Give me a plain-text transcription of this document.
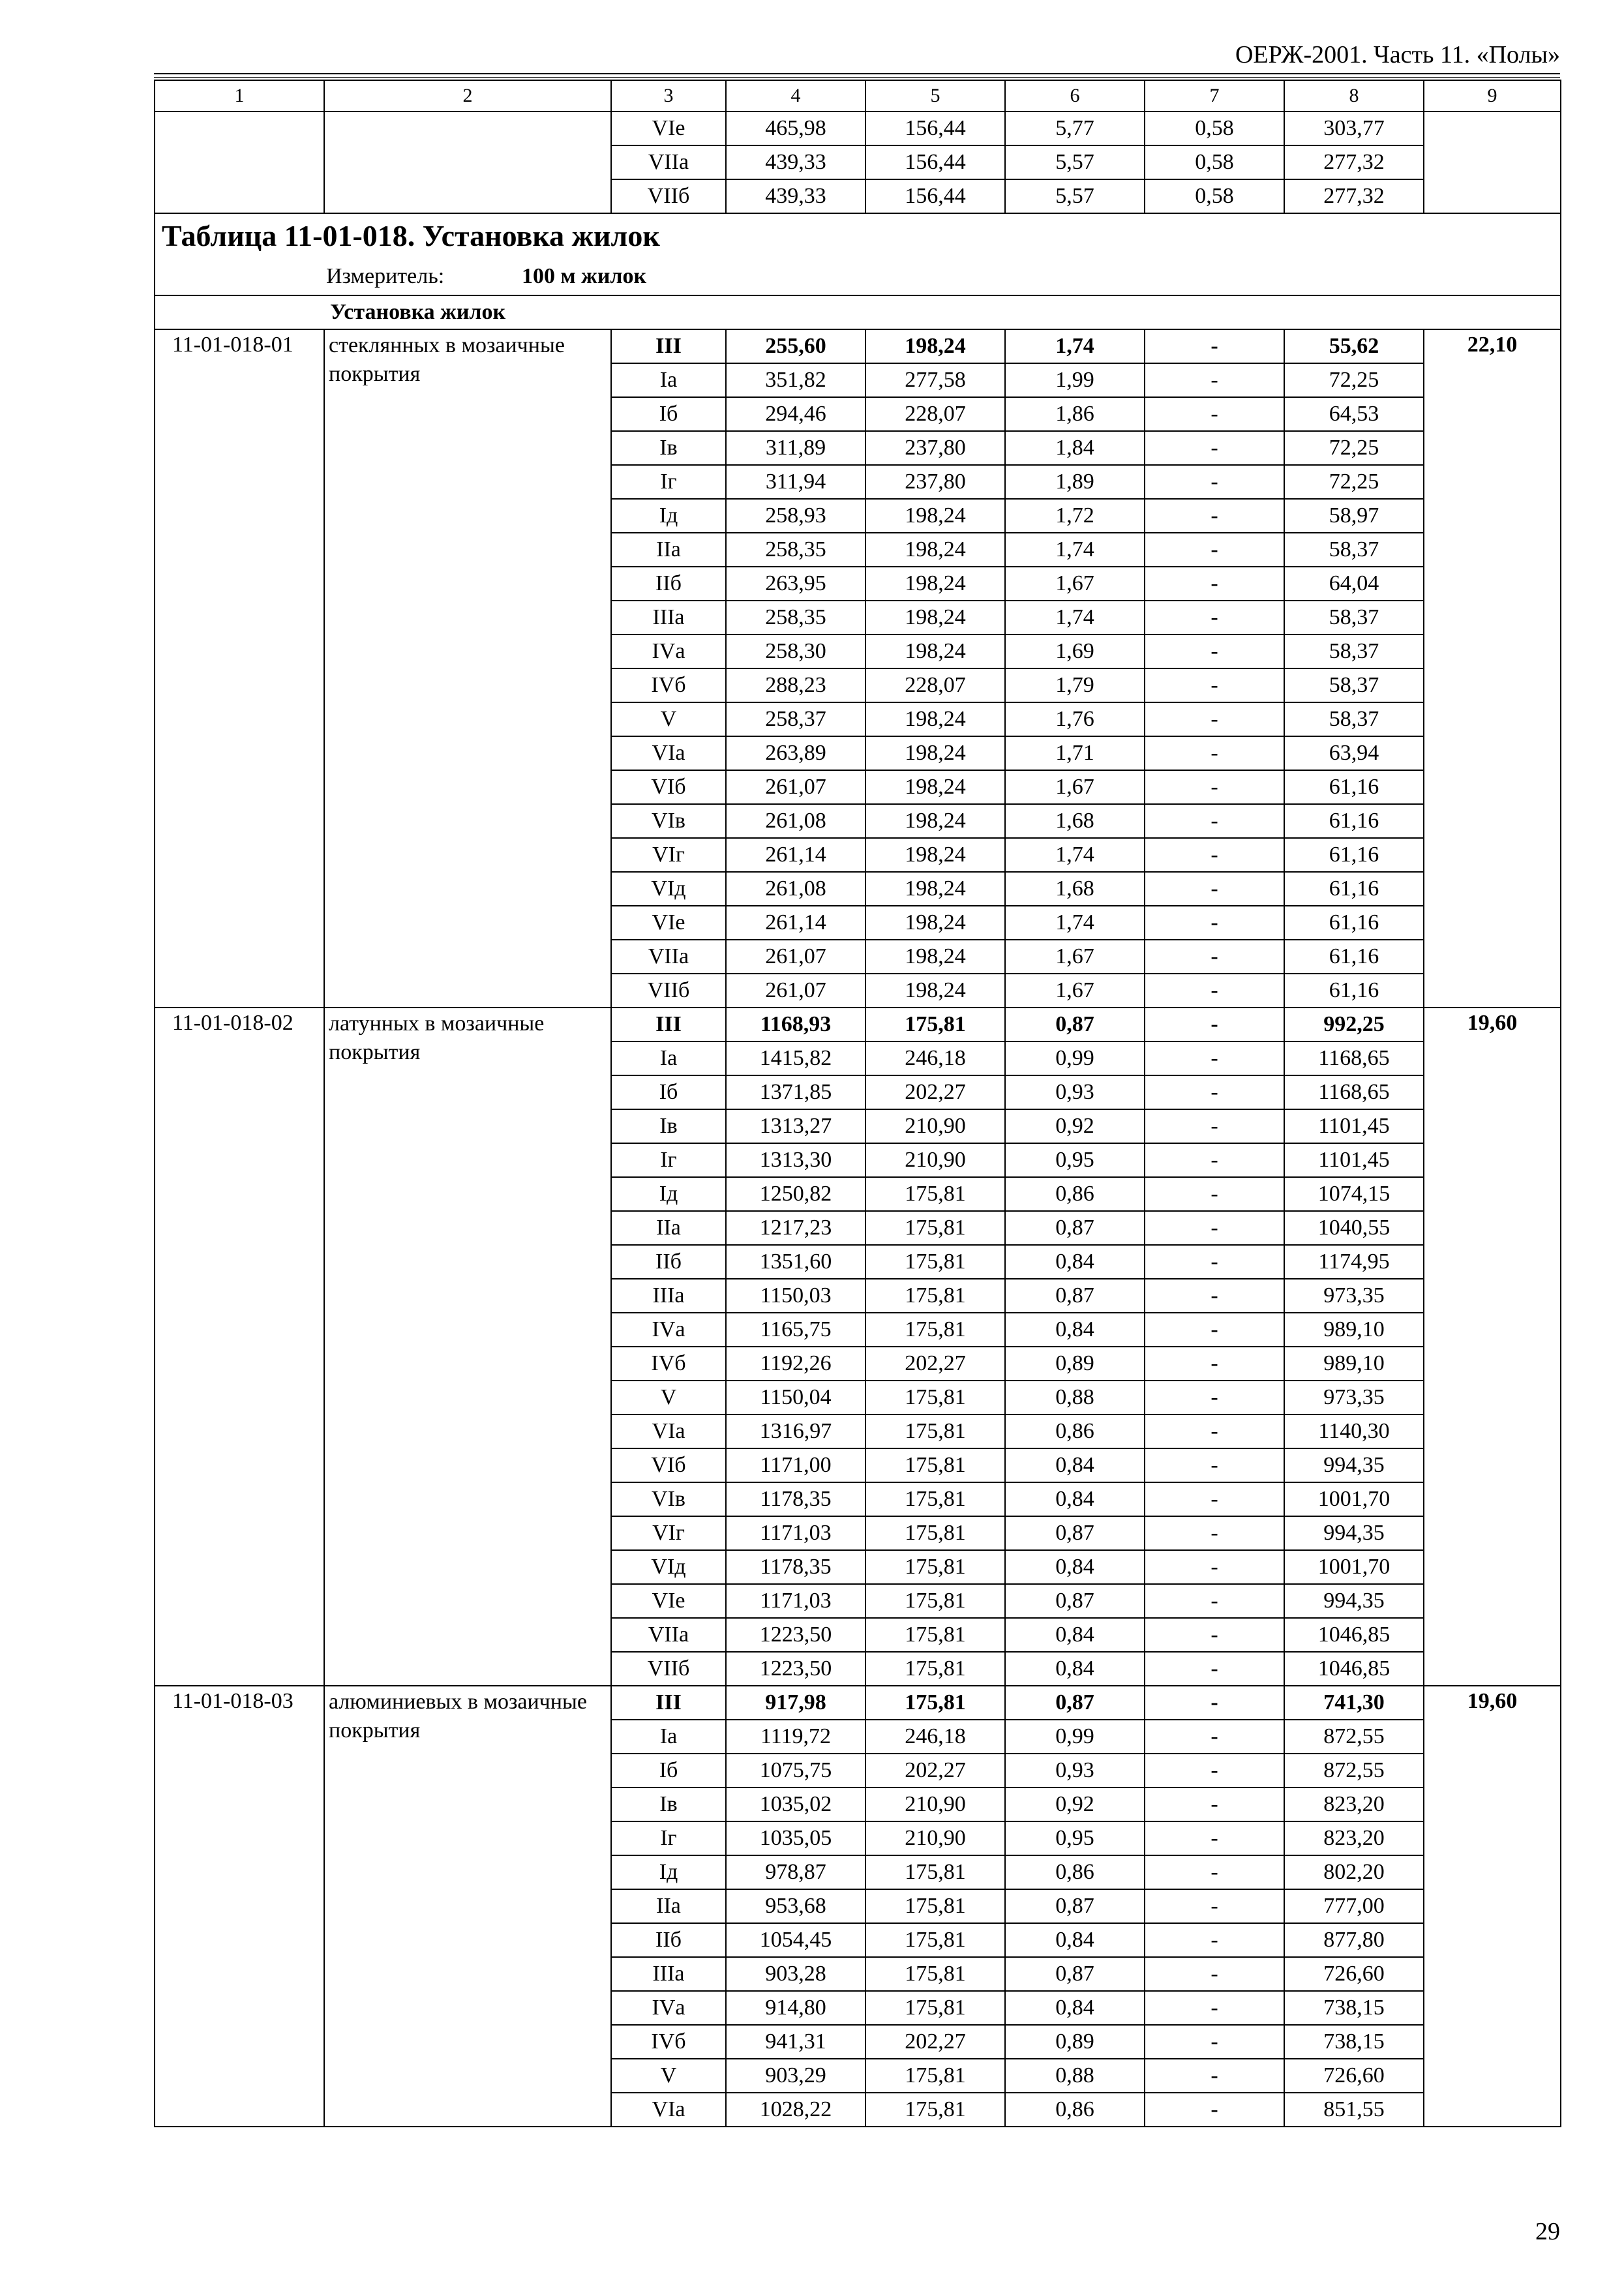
ОЕРЖ-2001. Часть 11. «Полы»
1	2	3	4	5	6	7	8	9
		VIе	465,98	156,44	5,77	0,58	303,77	
		VIIа	439,33	156,44	5,57	0,58	277,32	
		VIIб	439,33	156,44	5,57	0,58	277,32	
Таблица 11-01-018. Установка жилок								
Измеритель: 100 м жилок								
Установка жилок								
11-01-018-01	стеклянных в мозаичные покрытия	III	255,60	198,24	1,74	-	55,62	22,10
		Iа	351,82	277,58	1,99	-	72,25	
		Iб	294,46	228,07	1,86	-	64,53	
		Iв	311,89	237,80	1,84	-	72,25	
		Iг	311,94	237,80	1,89	-	72,25	
		Iд	258,93	198,24	1,72	-	58,97	
		IIа	258,35	198,24	1,74	-	58,37	
		IIб	263,95	198,24	1,67	-	64,04	
		IIIа	258,35	198,24	1,74	-	58,37	
		IVа	258,30	198,24	1,69	-	58,37	
		IVб	288,23	228,07	1,79	-	58,37	
		V	258,37	198,24	1,76	-	58,37	
		VIа	263,89	198,24	1,71	-	63,94	
		VIб	261,07	198,24	1,67	-	61,16	
		VIв	261,08	198,24	1,68	-	61,16	
		VIг	261,14	198,24	1,74	-	61,16	
		VIд	261,08	198,24	1,68	-	61,16	
		VIе	261,14	198,24	1,74	-	61,16	
		VIIа	261,07	198,24	1,67	-	61,16	
		VIIб	261,07	198,24	1,67	-	61,16	
11-01-018-02	латунных в мозаичные покрытия	III	1168,93	175,81	0,87	-	992,25	19,60
		Iа	1415,82	246,18	0,99	-	1168,65	
		Iб	1371,85	202,27	0,93	-	1168,65	
		Iв	1313,27	210,90	0,92	-	1101,45	
		Iг	1313,30	210,90	0,95	-	1101,45	
		Iд	1250,82	175,81	0,86	-	1074,15	
		IIа	1217,23	175,81	0,87	-	1040,55	
		IIб	1351,60	175,81	0,84	-	1174,95	
		IIIа	1150,03	175,81	0,87	-	973,35	
		IVа	1165,75	175,81	0,84	-	989,10	
		IVб	1192,26	202,27	0,89	-	989,10	
		V	1150,04	175,81	0,88	-	973,35	
		VIа	1316,97	175,81	0,86	-	1140,30	
		VIб	1171,00	175,81	0,84	-	994,35	
		VIв	1178,35	175,81	0,84	-	1001,70	
		VIг	1171,03	175,81	0,87	-	994,35	
		VIд	1178,35	175,81	0,84	-	1001,70	
		VIе	1171,03	175,81	0,87	-	994,35	
		VIIа	1223,50	175,81	0,84	-	1046,85	
		VIIб	1223,50	175,81	0,84	-	1046,85	
11-01-018-03	алюминиевых в мозаичные покрытия	III	917,98	175,81	0,87	-	741,30	19,60
		Iа	1119,72	246,18	0,99	-	872,55	
		Iб	1075,75	202,27	0,93	-	872,55	
		Iв	1035,02	210,90	0,92	-	823,20	
		Iг	1035,05	210,90	0,95	-	823,20	
		Iд	978,87	175,81	0,86	-	802,20	
		IIа	953,68	175,81	0,87	-	777,00	
		IIб	1054,45	175,81	0,84	-	877,80	
		IIIа	903,28	175,81	0,87	-	726,60	
		IVа	914,80	175,81	0,84	-	738,15	
		IVб	941,31	202,27	0,89	-	738,15	
		V	903,29	175,81	0,88	-	726,60	
		VIа	1028,22	175,81	0,86	-	851,55	
29
